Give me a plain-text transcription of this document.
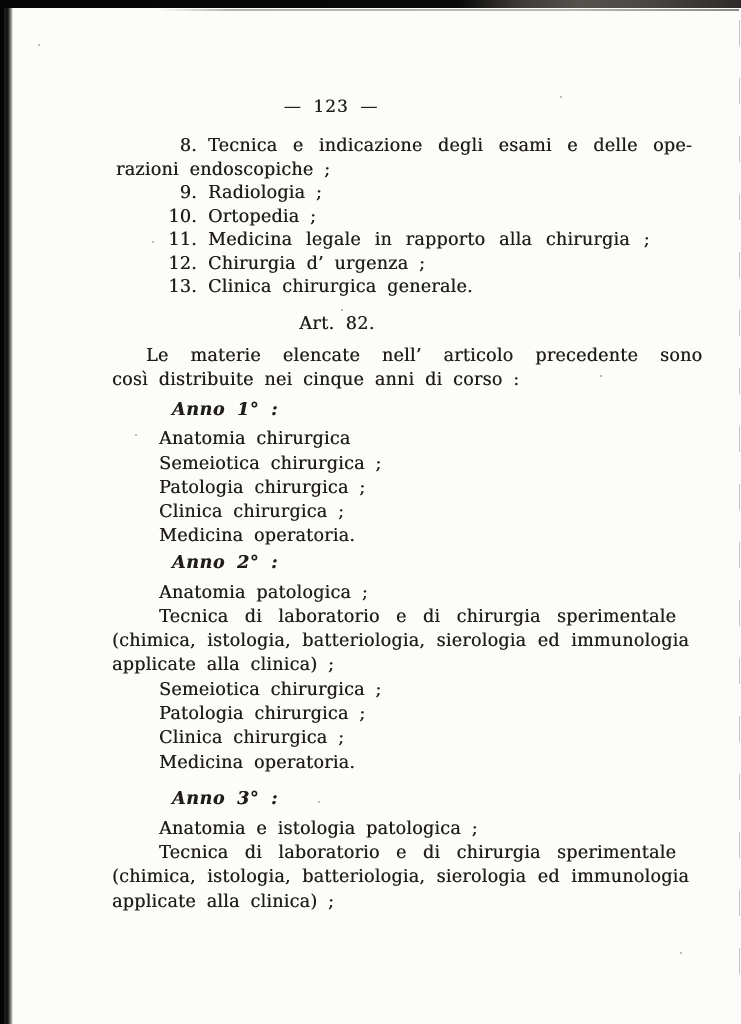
— 123 —
8. Tecnica e indicazione degli esami e delle ope-
razioni endoscopiche ;
9. Radiologia ;
10. Ortopedia ;
11. Medicina legale in rapporto alla chirurgia ;
12. Chirurgia d’ urgenza ;
13. Clinica chirurgica generale.
Art. 82.
Le materie elencate nell’ articolo precedente sono
così distribuite nei cinque anni di corso :
Anno 1° :
Anatomia chirurgica
Semeiotica chirurgica ;
Patologia chirurgica ;
Clinica chirurgica ;
Medicina operatoria.
Anno 2° :
Anatomia patologica ;
Tecnica di laboratorio e di chirurgia sperimentale
(chimica, istologia, batteriologia, sierologia ed immunologia
applicate alla clinica) ;
Semeiotica chirurgica ;
Patologia chirurgica ;
Clinica chirurgica ;
Medicina operatoria.
Anno 3° :
Anatomia e istologia patologica ;
Tecnica di laboratorio e di chirurgia sperimentale
(chimica, istologia, batteriologia, sierologia ed immunologia
applicate alla clinica) ;
